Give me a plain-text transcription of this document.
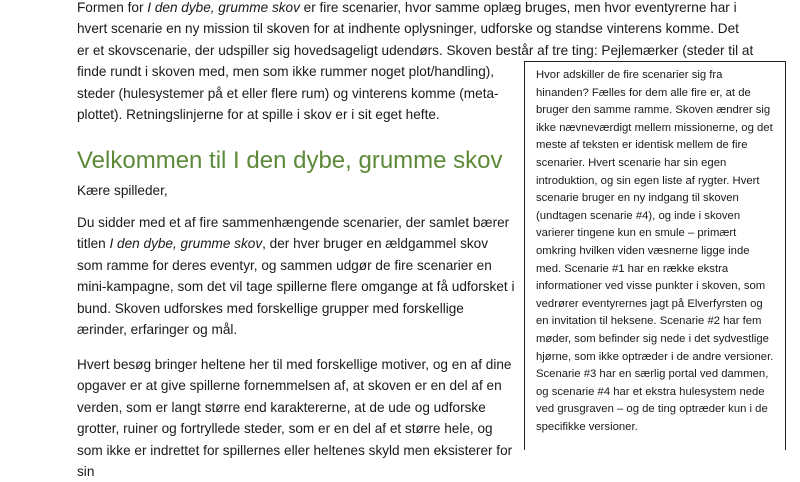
Formen for I den dybe, grumme skov er fire scenarier, hvor samme oplæg bruges, men hvor eventyrerne har i
hvert scenarie en ny mission til skoven for at indhente oplysninger, udforske og standse vinterens komme. Det
er et skovscenarie, der udspiller sig hovedsageligt udendørs. Skoven består af tre ting: Pejlemærker (steder til at
finde rundt i skoven med, men som ikke rummer noget plot/handling), steder (hulesystemer på et eller flere rum) og vinterens komme (meta-plottet). Retningslinjerne for at spille i skov er i sit eget hefte.

Hvor adskiller de fire scenarier sig fra hinanden? Fælles for dem alle fire er, at de bruger den samme ramme. Skoven ændrer sig ikke nævneværdigt mellem missionerne, og det meste af teksten er identisk mellem de fire scenarier. Hvert scenarie har sin egen introduktion, og sin egen liste af rygter. Hvert scenarie bruger en ny indgang til skoven (undtagen scenarie #4), og inde i skoven varierer tingene kun en smule – primært omkring hvilken viden væsnerne ligge inde med. Scenarie #1 har en række ekstra informationer ved visse punkter i skoven, som vedrører eventyrernes jagt på Elverfyrsten og en invitation til heksene. Scenarie #2 har fem møder, som befinder sig nede i det sydvestlige hjørne, som ikke optræder i de andre versioner. Scenarie #3 har en særlig portal ved dammen, og scenarie #4 har et ekstra hulesystem nede ved grusgraven – og de ting optræder kun i de specifikke versioner.

Velkommen til I den dybe, grumme skov

Kære spilleder,

Du sidder med et af fire sammenhængende scenarier, der samlet bærer titlen I den dybe, grumme skov, der hver bruger en ældgammel skov som ramme for deres eventyr, og sammen udgør de fire scenarier en mini-kampagne, som det vil tage spillerne flere omgange at få udforsket i bund. Skoven udforskes med forskellige grupper med forskellige ærinder, erfaringer og mål.

Hvert besøg bringer heltene her til med forskellige motiver, og en af dine opgaver er at give spillerne fornemmelsen af, at skoven er en del af en verden, som er langt større end karaktererne, at de ude og udforske grotter, ruiner og fortryllede steder, som er en del af et større hele, og som ikke er indrettet for spillernes eller heltenes skyld men eksisterer for sin
